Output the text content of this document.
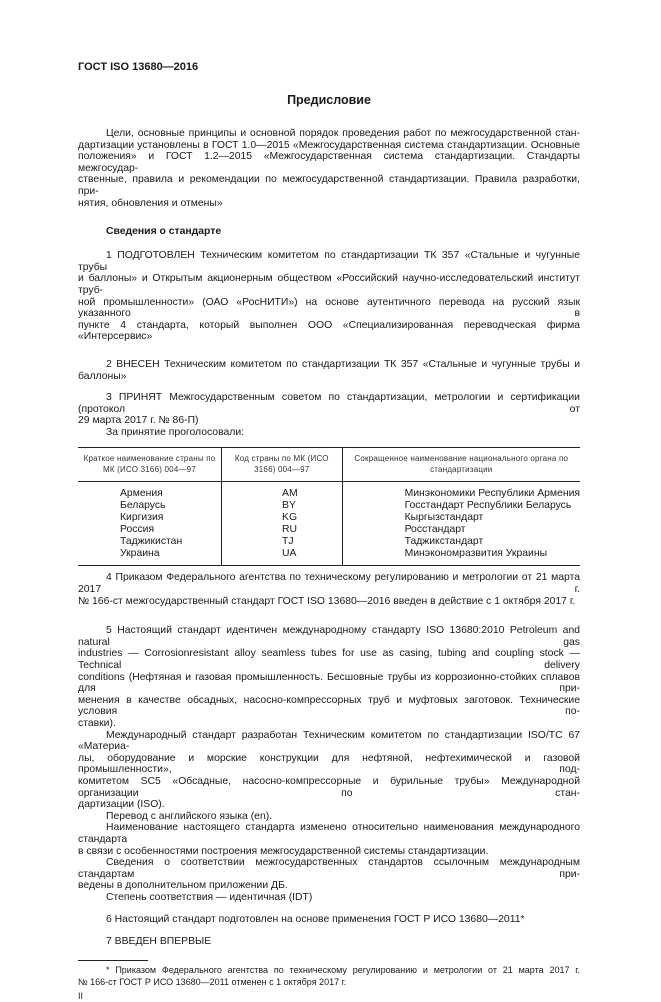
ГОСТ ISO 13680—2016
Предисловие
Цели, основные принципы и основной порядок проведения работ по межгосударственной стан-
дартизации установлены в ГОСТ 1.0—2015 «Межгосударственная система стандартизации. Основные
положения» и ГОСТ 1.2—2015 «Межгосударственная система стандартизации. Стандарты межгосудар-
ственные, правила и рекомендации по межгосударственной стандартизации. Правила разработки, при-
нятия, обновления и отмены»
Сведения о стандарте
1 ПОДГОТОВЛЕН Техническим комитетом по стандартизации ТК 357 «Стальные и чугунные трубы
и баллоны» и Открытым акционерным обществом «Российский научно-исследовательский институт труб-
ной промышленности» (ОАО «РосНИТИ») на основе аутентичного перевода на русский язык указанного в
пункте 4 стандарта, который выполнен ООО «Специализированная переводческая фирма «Интерсервис»
2 ВНЕСЕН Техническим комитетом по стандартизации ТК 357 «Стальные и чугунные трубы и баллоны»
3 ПРИНЯТ Межгосударственным советом по стандартизации, метрологии и сертификации (протокол от
29 марта 2017 г. № 86-П)
За принятие проголосовали:
Краткое наименование страны по МК (ИСО 3166) 004—97	Код страны по МК (ИСО 3166) 004—97	Сокращенное наименование национального органа по стандартизации
Армения	AM	Минэкономики Республики Армения
Беларусь	BY	Госстандарт Республики Беларусь
Киргизия	KG	Кыргызстандарт
Россия	RU	Росстандарт
Таджикистан	TJ	Таджикстандарт
Украина	UA	Минэкономразвития Украины
4 Приказом Федерального агентства по техническому регулированию и метрологии от 21 марта 2017 г.
№ 166-ст межгосударственный стандарт ГОСТ ISO 13680—2016 введен в действие с 1 октября 2017 г.
5 Настоящий стандарт идентичен международному стандарту ISO 13680:2010 Petroleum and natural gas
industries — Corrosionresistant alloy seamless tubes for use as casing, tubing and coupling stock — Technical delivery
conditions (Нефтяная и газовая промышленность. Бесшовные трубы из коррозионно-стойких сплавов для при-
менения в качестве обсадных, насосно-компрессорных труб и муфтовых заготовок. Технические условия по-
ставки).
Международный стандарт разработан Техническим комитетом по стандартизации ISO/TC 67 «Материа-
лы, оборудование и морские конструкции для нефтяной, нефтехимической и газовой промышленности», под-
комитетом SC5 «Обсадные, насосно-компрессорные и бурильные трубы» Международной организации по стан-
дартизации (ISO).
Перевод с английского языка (en).
Наименование настоящего стандарта изменено относительно наименования международного стандарта
в связи с особенностями построения межгосударственной системы стандартизации.
Сведения о соответствии межгосударственных стандартов ссылочным международным стандартам при-
ведены в дополнительном приложении ДБ.
Степень соответствия — идентичная (IDT)
6 Настоящий стандарт подготовлен на основе применения ГОСТ Р ИСО 13680—2011*
7 ВВЕДЕН ВПЕРВЫЕ
* Приказом Федерального агентства по техническому регулированию и метрологии от 21 марта 2017 г.
№ 166-ст ГОСТ Р ИСО 13680—2011 отменен с 1 октября 2017 г.
II
